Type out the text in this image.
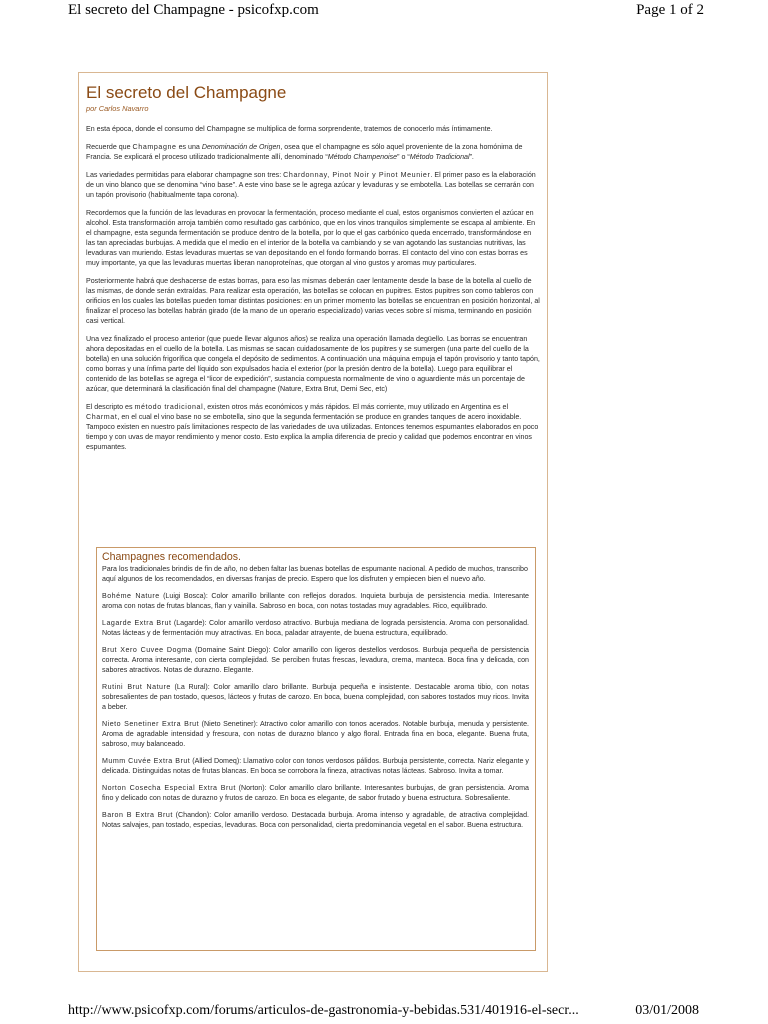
El secreto del Champagne - psicofxp.com	Page 1 of 2
El secreto del Champagne
por Carlos Navarro

En esta época, donde el consumo del Champagne se multiplica de forma sorprendente, tratemos de conocerlo más íntimamente.

Recuerde que Champagne es una Denominación de Origen, osea que el champagne es sólo aquel proveniente de la zona homónima de Francia. Se explicará el proceso utilizado tradicionalmente allí, denominado “Método Champenoise” o “Método Tradicional”.

Las variedades permitidas para elaborar champagne son tres: Chardonnay, Pinot Noir y Pinot Meunier. El primer paso es la elaboración de un vino blanco que se denomina “vino base”. A este vino base se le agrega azúcar y levaduras y se embotella. Las botellas se cerrarán con un tapón provisorio (habitualmente tapa corona).

Recordemos que la función de las levaduras en provocar la fermentación, proceso mediante el cual, estos organismos convierten el azúcar en alcohol. Esta transformación arroja también como resultado gas carbónico, que en los vinos tranquilos simplemente se escapa al ambiente. En el champagne, esta segunda fermentación se produce dentro de la botella, por lo que el gas carbónico queda encerrado, transformándose en las tan apreciadas burbujas. A medida que el medio en el interior de la botella va cambiando y se van agotando las sustancias nutritivas, las levaduras van muriendo. Estas levaduras muertas se van depositando en el fondo formando borras. El contacto del vino con estas borras es muy importante, ya que las levaduras muertas liberan nanoproteínas, que otorgan al vino gustos y aromas muy particulares.

Posteriormente habrá que deshacerse de estas borras, para eso las mismas deberán caer lentamente desde la base de la botella al cuello de las mismas, de donde serán extraídas. Para realizar esta operación, las botellas se colocan en pupitres. Estos pupitres son como tableros con orificios en los cuales las botellas pueden tomar distintas posiciones: en un primer momento las botellas se encuentran en posición horizontal, al finalizar el proceso las botellas habrán girado (de la mano de un operario especializado) varias veces sobre sí misma, terminando en posición casi vertical.

Una vez finalizado el proceso anterior (que puede llevar algunos años) se realiza una operación llamada degüello. Las borras se encuentran ahora depositadas en el cuello de la botella. Las mismas se sacan cuidadosamente de los pupitres y se sumergen (una parte del cuello de la botella) en una solución frigorífica que congela el depósito de sedimentos. A continuación una máquina empuja el tapón provisorio y tanto tapón, como borras y una ínfima parte del líquido son expulsados hacia el exterior (por la presión dentro de la botella). Luego para equilibrar el contenido de las botellas se agrega el “licor de expedición”, sustancia compuesta normalmente de vino o aguardiente más un porcentaje de azúcar, que determinará la clasificación final del champagne (Nature, Extra Brut, Demi Sec, etc)

El descripto es método tradicional, existen otros más económicos y más rápidos. El más corriente, muy utilizado en Argentina es el Charmat, en el cual el vino base no se embotella, sino que la segunda fermentación se produce en grandes tanques de acero inoxidable. Tampoco existen en nuestro país limitaciones respecto de las variedades de uva utilizadas. Entonces tenemos espumantes elaborados en poco tiempo y con uvas de mayor rendimiento y menor costo. Esto explica la amplia diferencia de precio y calidad que podemos encontrar en vinos espumantes.

Champagnes recomendados.

Para los tradicionales brindis de fin de año, no deben faltar las buenas botellas de espumante nacional. A pedido de muchos, transcribo aquí algunos de los recomendados, en diversas franjas de precio. Espero que los disfruten y empiecen bien el nuevo año.

Bohéme Nature (Luigi Bosca): Color amarillo brillante con reflejos dorados. Inquieta burbuja de persistencia media. Interesante aroma con notas de frutas blancas, flan y vainilla. Sabroso en boca, con notas tostadas muy agradables. Rico, equilibrado.

Lagarde Extra Brut (Lagarde): Color amarillo verdoso atractivo. Burbuja mediana de lograda persistencia. Aroma con personalidad. Notas lácteas y de fermentación muy atractivas. En boca, paladar atrayente, de buena estructura, equilibrado.

Brut Xero Cuvee Dogma (Domaine Saint Diego): Color amarillo con ligeros destellos verdosos. Burbuja pequeña de persistencia correcta. Aroma interesante, con cierta complejidad. Se perciben frutas frescas, levadura, crema, manteca. Boca fina y delicada, con sabores atractivos. Notas de durazno. Elegante.

Rutini Brut Nature (La Rural): Color amarillo claro brillante. Burbuja pequeña e insistente. Destacable aroma tibio, con notas sobresalientes de pan tostado, quesos, lácteos y frutas de carozo. En boca, buena complejidad, con sabores tostados muy ricos. Invita a beber.

Nieto Senetiner Extra Brut (Nieto Senetiner): Atractivo color amarillo con tonos acerados. Notable burbuja, menuda y persistente. Aroma de agradable intensidad y frescura, con notas de durazno blanco y algo floral. Entrada fina en boca, elegante. Buena fruta, sabroso, muy balanceado.

Mumm Cuvée Extra Brut (Allied Domeq): Llamativo color con tonos verdosos pálidos. Burbuja persistente, correcta. Nariz elegante y delicada. Distinguidas notas de frutas blancas. En boca se corrobora la fineza, atractivas notas lácteas. Sabroso. Invita a tomar.

Norton Cosecha Especial Extra Brut (Norton): Color amarillo claro brillante. Interesantes burbujas, de gran persistencia. Aroma fino y delicado con notas de durazno y frutos de carozo. En boca es elegante, de sabor frutado y buena estructura. Sobresaliente.

Baron B Extra Brut (Chandon): Color amarillo verdoso. Destacada burbuja. Aroma intenso y agradable, de atractiva complejidad. Notas salvajes, pan tostado, especias, levaduras. Boca con personalidad, cierta predominancia vegetal en el sabor. Buena estructura.

http://www.psicofxp.com/forums/articulos-de-gastronomia-y-bebidas.531/401916-el-secr...	03/01/2008
